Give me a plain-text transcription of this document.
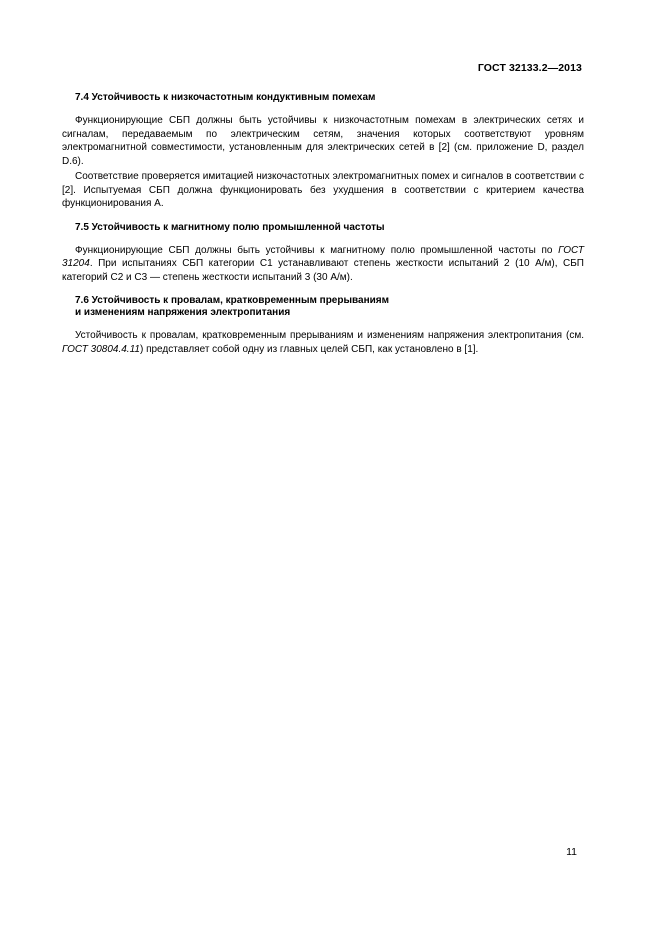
ГОСТ 32133.2—2013
7.4 Устойчивость к низкочастотным кондуктивным помехам

Функционирующие СБП должны быть устойчивы к низкочастотным помехам в электрических сетях и сигналам, передаваемым по электрическим сетям, значения которых соответствуют уровням электромагнитной совместимости, установленным для электрических сетей в [2] (см. приложение D, раздел D.6).

Соответствие проверяется имитацией низкочастотных электромагнитных помех и сигналов в соответствии с [2]. Испытуемая СБП должна функционировать без ухудшения в соответствии с критерием качества функционирования А.

7.5 Устойчивость к магнитному полю промышленной частоты

Функционирующие СБП должны быть устойчивы к магнитному полю промышленной частоты по ГОСТ 31204. При испытаниях СБП категории С1 устанавливают степень жесткости испытаний 2 (10 А/м), СБП категорий С2 и С3 — степень жесткости испытаний 3 (30 А/м).

7.6 Устойчивость к провалам, кратковременным прерываниям
и изменениям напряжения электропитания

Устойчивость к провалам, кратковременным прерываниям и изменениям напряжения электропитания (см. ГОСТ 30804.4.11) представляет собой одну из главных целей СБП, как установлено в [1].

11
